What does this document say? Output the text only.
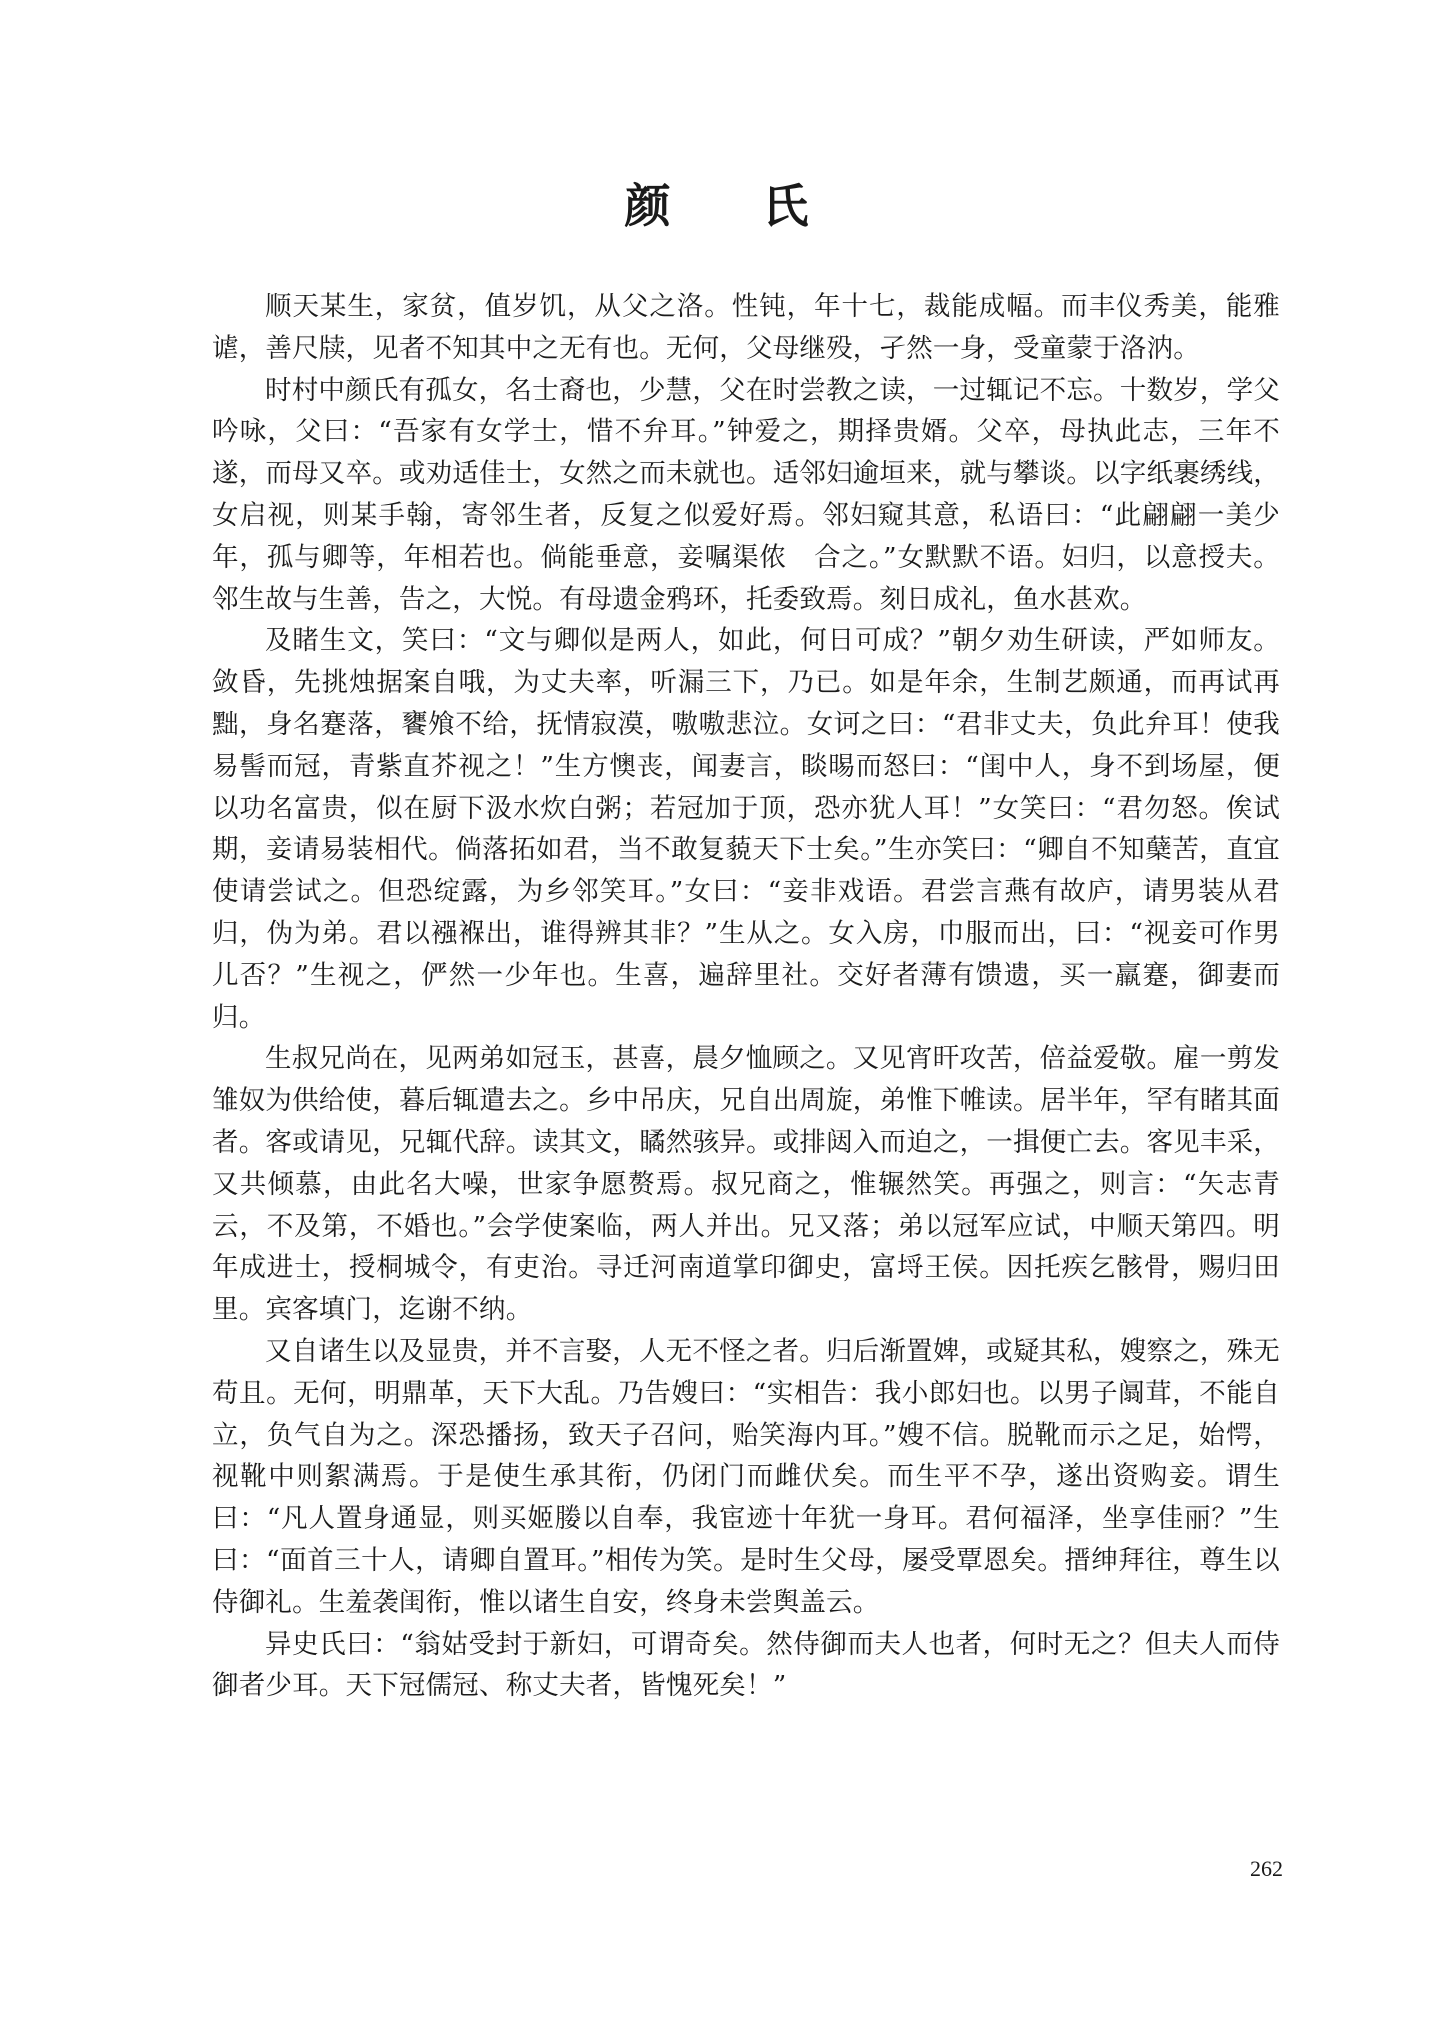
颜 氏

顺天某生，家贫，值岁饥，从父之洛。性钝，年十七，裁能成幅。而丰仪秀美，能雅谑，善尺牍，见者不知其中之无有也。无何，父母继殁，孑然一身，受童蒙于洛汭。

时村中颜氏有孤女，名士裔也，少慧，父在时尝教之读，一过辄记不忘。十数岁，学父吟咏，父曰：“吾家有女学士，惜不弁耳。”钟爱之，期择贵婿。父卒，母执此志，三年不遂，而母又卒。或劝适佳士，女然之而未就也。适邻妇逾垣来，就与攀谈。以字纸裹绣线，女启视，则某手翰，寄邻生者，反复之似爱好焉。邻妇窥其意，私语曰：“此翩翩一美少年，孤与卿等，年相若也。倘能垂意，妾嘱渠侬　合之。”女默默不语。妇归，以意授夫。邻生故与生善，告之，大悦。有母遗金鸦环，托委致焉。刻日成礼，鱼水甚欢。

及睹生文，笑曰：“文与卿似是两人，如此，何日可成？”朝夕劝生研读，严如师友。敛昏，先挑烛据案自哦，为丈夫率，听漏三下，乃已。如是年余，生制艺颇通，而再试再黜，身名蹇落，饔飧不给，抚情寂漠，嗷嗷悲泣。女诃之曰：“君非丈夫，负此弁耳！使我易髻而冠，青紫直芥视之！”生方懊丧，闻妻言，睒晹而怒曰：“闺中人，身不到场屋，便以功名富贵，似在厨下汲水炊白粥；若冠加于顶，恐亦犹人耳！”女笑曰：“君勿怒。俟试期，妾请易装相代。倘落拓如君，当不敢复藐天下士矣。”生亦笑曰：“卿自不知蘖苦，直宜使请尝试之。但恐绽露，为乡邻笑耳。”女曰：“妾非戏语。君尝言燕有故庐，请男装从君归，伪为弟。君以襁褓出，谁得辨其非？”生从之。女入房，巾服而出，曰：“视妾可作男儿否？”生视之，俨然一少年也。生喜，遍辞里社。交好者薄有馈遗，买一羸蹇，御妻而归。

生叔兄尚在，见两弟如冠玉，甚喜，晨夕恤顾之。又见宵旰攻苦，倍益爱敬。雇一剪发雏奴为供给使，暮后辄遣去之。乡中吊庆，兄自出周旋，弟惟下帷读。居半年，罕有睹其面者。客或请见，兄辄代辞。读其文，瞲然骇异。或排闼入而迫之，一揖便亡去。客见丰采，又共倾慕，由此名大噪，世家争愿赘焉。叔兄商之，惟辗然笑。再强之，则言：“矢志青云，不及第，不婚也。”会学使案临，两人并出。兄又落；弟以冠军应试，中顺天第四。明年成进士，授桐城令，有吏治。寻迁河南道掌印御史，富埒王侯。因托疾乞骸骨，赐归田里。宾客填门，迄谢不纳。

又自诸生以及显贵，并不言娶，人无不怪之者。归后渐置婢，或疑其私，嫂察之，殊无苟且。无何，明鼎革，天下大乱。乃告嫂曰：“实相告：我小郎妇也。以男子阘茸，不能自立，负气自为之。深恐播扬，致天子召问，贻笑海内耳。”嫂不信。脱靴而示之足，始愕，视靴中则絮满焉。于是使生承其衔，仍闭门而雌伏矣。而生平不孕，遂出资购妾。谓生曰：“凡人置身通显，则买姬媵以自奉，我宦迹十年犹一身耳。君何福泽，坐享佳丽？”生曰：“面首三十人，请卿自置耳。”相传为笑。是时生父母，屡受覃恩矣。搢绅拜往，尊生以侍御礼。生羞袭闺衔，惟以诸生自安，终身未尝舆盖云。

异史氏曰：“翁姑受封于新妇，可谓奇矣。然侍御而夫人也者，何时无之？但夫人而侍御者少耳。天下冠儒冠、称丈夫者，皆愧死矣！”

262
